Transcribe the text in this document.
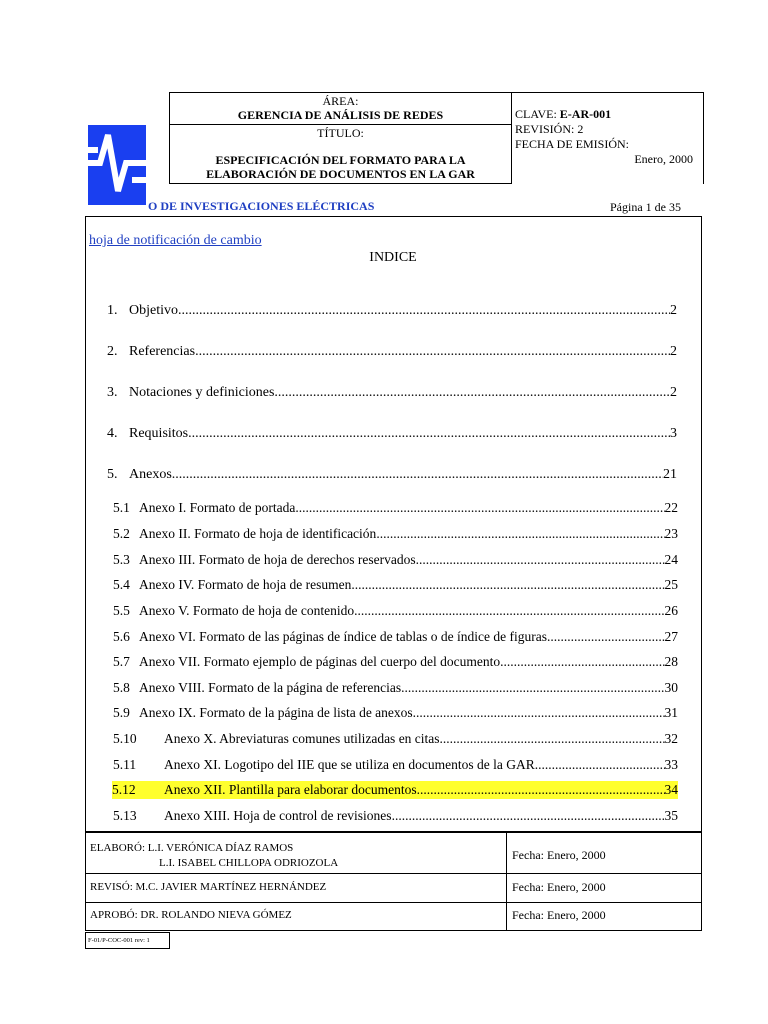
ÁREA:
GERENCIA DE ANÁLISIS DE REDES
TÍTULO:
ESPECIFICACIÓN DEL FORMATO PARA LA
ELABORACIÓN DE DOCUMENTOS EN LA GAR
CLAVE: E-AR-001
REVISIÓN: 2
FECHA DE EMISIÓN:
Enero, 2000
O DE INVESTIGACIONES ELÉCTRICAS	Página 1 de 35
hoja de notificación de cambio
INDICE
1. Objetivo .....	2
2. Referencias .....	2
3. Notaciones y definiciones .....	2
4. Requisitos .....	3
5. Anexos .....	21
5.1 Anexo I. Formato de portada .....	22
5.2 Anexo II. Formato de hoja de identificación .....	23
5.3 Anexo III. Formato de hoja de derechos reservados .....	24
5.4 Anexo IV. Formato de hoja de resumen .....	25
5.5 Anexo V. Formato de hoja de contenido .....	26
5.6 Anexo VI. Formato de las páginas de índice de tablas o de índice de figuras .....	27
5.7 Anexo VII. Formato ejemplo de páginas del cuerpo del documento .....	28
5.8 Anexo VIII. Formato de la página de referencias .....	30
5.9 Anexo IX. Formato de la página de lista de anexos .....	31
5.10	Anexo X. Abreviaturas comunes utilizadas en citas .....	32
5.11	Anexo XI. Logotipo del IIE que se utiliza en documentos de la GAR .....	33
5.12	Anexo XII. Plantilla para elaborar documentos .....	34
5.13	Anexo XIII. Hoja de control de revisiones .....	35
ELABORÓ: L.I. VERÓNICA DÍAZ RAMOS
L.I. ISABEL CHILLOPA ODRIOZOLA
Fecha: Enero, 2000
REVISÓ: M.C. JAVIER MARTÍNEZ HERNÁNDEZ	Fecha: Enero, 2000
APROBÓ: DR. ROLANDO NIEVA GÓMEZ	Fecha: Enero, 2000
F-01/P-COC-001 rev: 1
